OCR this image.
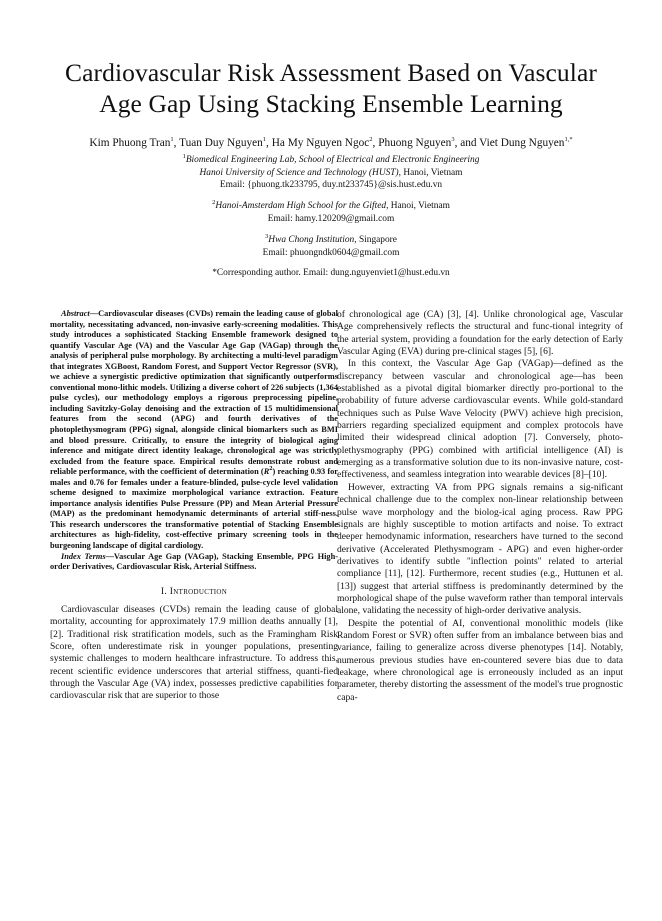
Cardiovascular Risk Assessment Based on Vascular
Age Gap Using Stacking Ensemble Learning
Kim Phuong Tran$^1$, Tuan Duy Nguyen$^1$, Ha My Nguyen Ngoc$^2$, Phuong Nguyen$^3$, and Viet Dung Nguyen$^{1,*}$
$^1$Biomedical Engineering Lab, School of Electrical and Electronic Engineering
Hanoi University of Science and Technology (HUST), Hanoi, Vietnam
Email: {phuong.tk233795, duy.nt233745}@sis.hust.edu.vn
$^2$Hanoi-Amsterdam High School for the Gifted, Hanoi, Vietnam
Email: hamy.120209@gmail.com
$^3$Hwa Chong Institution, Singapore
Email: phuongndk0604@gmail.com
*Corresponding author. Email: dung.nguyenviet1@hust.edu.vn

Abstract—Cardiovascular diseases (CVDs) remain the leading cause of global mortality, necessitating advanced, non-invasive early-screening modalities. This study introduces a sophisticated Stacking Ensemble framework designed to quantify Vascular Age (VA) and the Vascular Age Gap (VAGap) through the analysis of peripheral pulse morphology. By architecting a multi-level paradigm that integrates XGBoost, Random Forest, and Support Vector Regressor (SVR), we achieve a synergistic predictive optimization that significantly outperforms conventional mono-lithic models. Utilizing a diverse cohort of 226 subjects (1,364 pulse cycles), our methodology employs a rigorous preprocessing pipeline, including Savitzky-Golay denoising and the extraction of 15 multidimensional features from the second (APG) and fourth derivatives of the photoplethysmogram (PPG) signal, alongside clinical biomarkers such as BMI and blood pressure. Critically, to ensure the integrity of biological aging inference and mitigate direct identity leakage, chronological age was strictly excluded from the feature space. Empirical results demonstrate robust and reliable performance, with the coefficient of determination $(R^2)$ reaching 0.93 for males and 0.76 for females under a feature-blinded, pulse-cycle level validation scheme designed to maximize morphological variance extraction. Feature importance analysis identifies Pulse Pressure (PP) and Mean Arterial Pressure (MAP) as the predominant hemodynamic determinants of arterial stiff-ness. This research underscores the transformative potential of Stacking Ensemble architectures as high-fidelity, cost-effective primary screening tools in the burgeoning landscape of digital cardiology.

Index Terms—Vascular Age Gap (VAGap), Stacking Ensemble, PPG High-order Derivatives, Cardiovascular Risk, Arterial Stiffness.

I. Introduction

Cardiovascular diseases (CVDs) remain the leading cause of global mortality, accounting for approximately 17.9 million deaths annually [1], [2]. Traditional risk stratification models, such as the Framingham Risk Score, often underestimate risk in younger populations, presenting systemic challenges to modern healthcare infrastructure. To address this, recent scientific evidence underscores that arterial stiffness, quanti-fied through the Vascular Age (VA) index, possesses predictive capabilities for cardiovascular risk that are superior to those

of chronological age (CA) [3], [4]. Unlike chronological age, Vascular Age comprehensively reflects the structural and func-tional integrity of the arterial system, providing a foundation for the early detection of Early Vascular Aging (EVA) during pre-clinical stages [5], [6].

In this context, the Vascular Age Gap (VAGap)—defined as the discrepancy between vascular and chronological age—has been established as a pivotal digital biomarker directly pro-portional to the probability of future adverse cardiovascular events. While gold-standard techniques such as Pulse Wave Velocity (PWV) achieve high precision, barriers regarding specialized equipment and complex protocols have limited their widespread clinical adoption [7]. Conversely, photo-plethysmography (PPG) combined with artificial intelligence (AI) is emerging as a transformative solution due to its non-invasive nature, cost-effectiveness, and seamless integration into wearable devices [8]–[10].

However, extracting VA from PPG signals remains a sig-nificant technical challenge due to the complex non-linear relationship between pulse wave morphology and the biolog-ical aging process. Raw PPG signals are highly susceptible to motion artifacts and noise. To extract deeper hemodynamic information, researchers have turned to the second derivative (Accelerated Plethysmogram - APG) and even higher-order derivatives to identify subtle "inflection points" related to arterial compliance [11], [12]. Furthermore, recent studies (e.g., Huttunen et al. [13]) suggest that arterial stiffness is predominantly determined by the morphological shape of the pulse waveform rather than temporal intervals alone, validating the necessity of high-order derivative analysis.

Despite the potential of AI, conventional monolithic models (like Random Forest or SVR) often suffer from an imbalance between bias and variance, failing to generalize across diverse phenotypes [14]. Notably, numerous previous studies have en-countered severe bias due to data leakage, where chronological age is erroneously included as an input parameter, thereby distorting the assessment of the model's true prognostic capa-
